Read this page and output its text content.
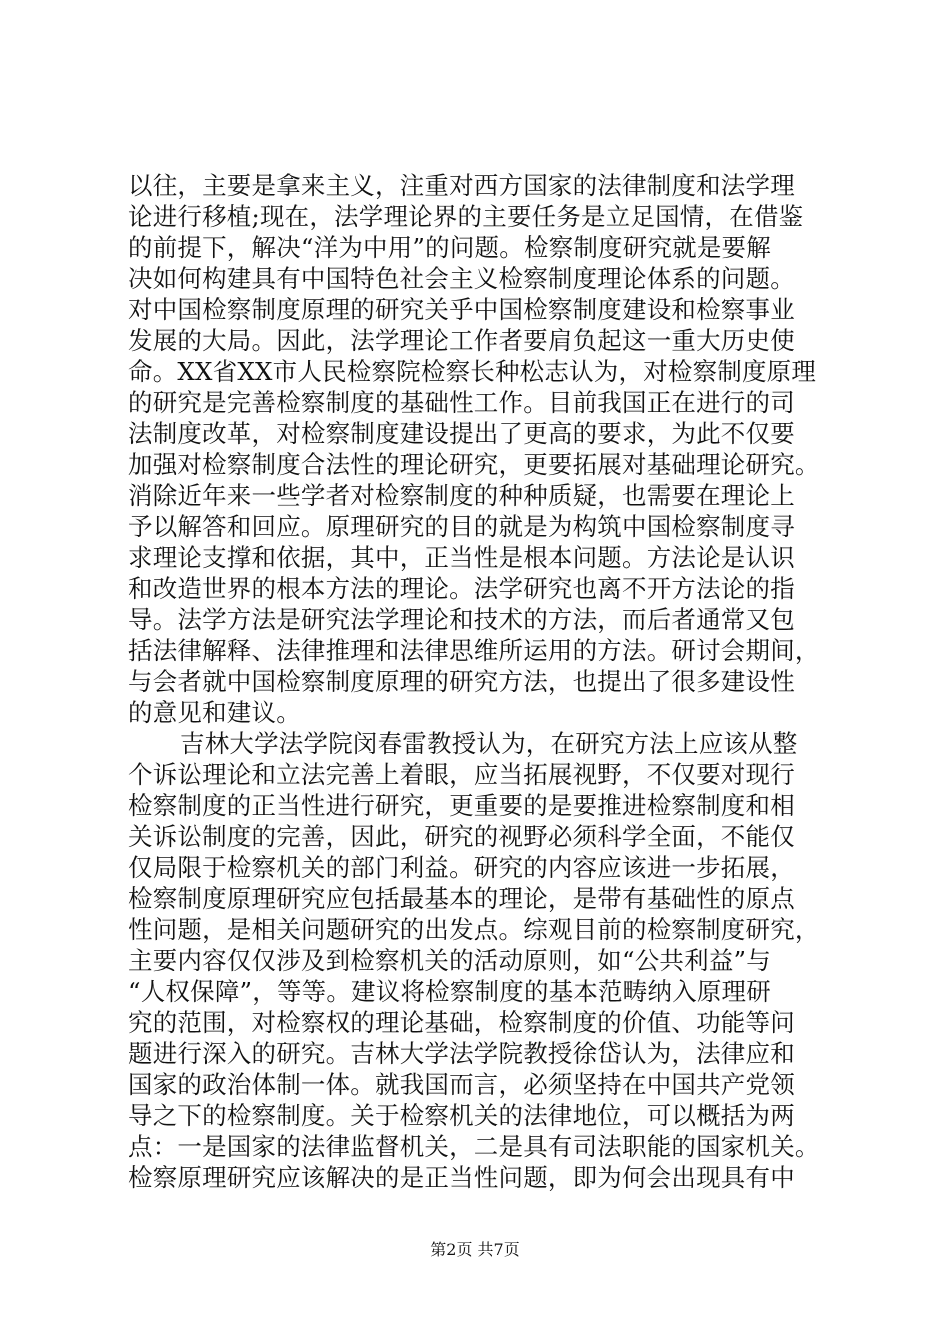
以往，主要是拿来主义，注重对西方国家的法律制度和法学理
论进行移植;现在，法学理论界的主要任务是立足国情，在借鉴
的前提下，解决“洋为中用”的问题。检察制度研究就是要解
决如何构建具有中国特色社会主义检察制度理论体系的问题。
对中国检察制度原理的研究关乎中国检察制度建设和检察事业
发展的大局。因此，法学理论工作者要肩负起这一重大历史使
命。XX省XX市人民检察院检察长种松志认为，对检察制度原理
的研究是完善检察制度的基础性工作。目前我国正在进行的司
法制度改革，对检察制度建设提出了更高的要求，为此不仅要
加强对检察制度合法性的理论研究，更要拓展对基础理论研究。
消除近年来一些学者对检察制度的种种质疑，也需要在理论上
予以解答和回应。原理研究的目的就是为构筑中国检察制度寻
求理论支撑和依据，其中，正当性是根本问题。方法论是认识
和改造世界的根本方法的理论。法学研究也离不开方法论的指
导。法学方法是研究法学理论和技术的方法，而后者通常又包
括法律解释、法律推理和法律思维所运用的方法。研讨会期间，
与会者就中国检察制度原理的研究方法，也提出了很多建设性
的意见和建议。
吉林大学法学院闵春雷教授认为，在研究方法上应该从整
个诉讼理论和立法完善上着眼，应当拓展视野，不仅要对现行
检察制度的正当性进行研究，更重要的是要推进检察制度和相
关诉讼制度的完善，因此，研究的视野必须科学全面，不能仅
仅局限于检察机关的部门利益。研究的内容应该进一步拓展，
检察制度原理研究应包括最基本的理论，是带有基础性的原点
性问题，是相关问题研究的出发点。综观目前的检察制度研究，
主要内容仅仅涉及到检察机关的活动原则，如“公共利益”与
“人权保障”，等等。建议将检察制度的基本范畴纳入原理研
究的范围，对检察权的理论基础，检察制度的价值、功能等问
题进行深入的研究。吉林大学法学院教授徐岱认为，法律应和
国家的政治体制一体。就我国而言，必须坚持在中国共产党领
导之下的检察制度。关于检察机关的法律地位，可以概括为两
点：一是国家的法律监督机关，二是具有司法职能的国家机关。
检察原理研究应该解决的是正当性问题，即为何会出现具有中
第2页 共7页
